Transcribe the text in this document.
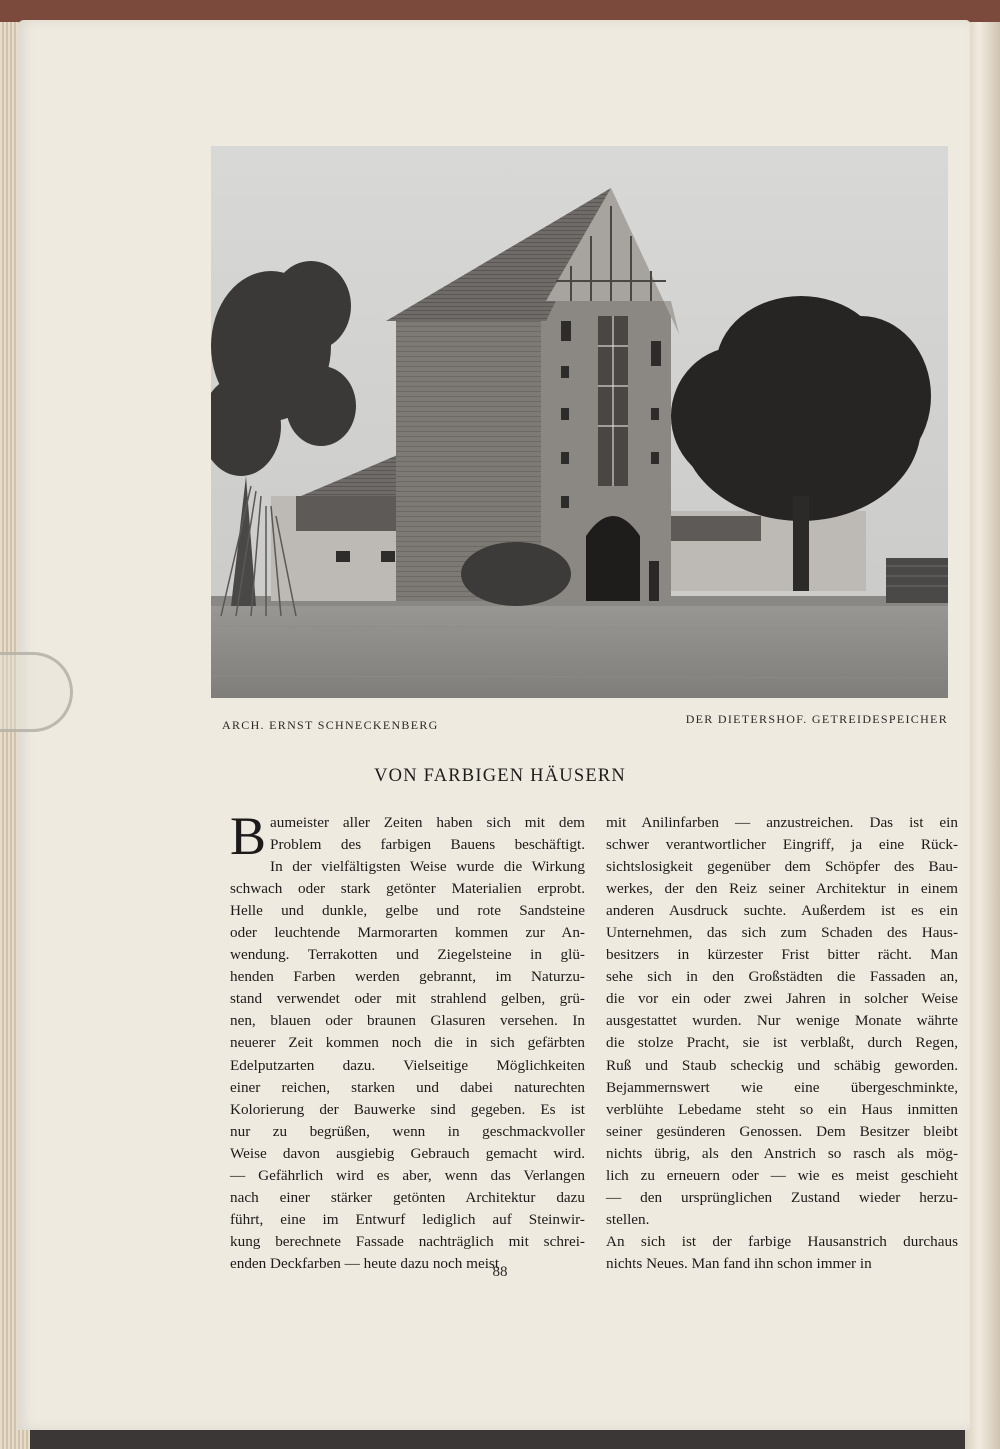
ARCH. ERNST SCHNECKENBERG	DER DIETERSHOF. GETREIDESPEICHER
VON FARBIGEN HÄUSERN
B aumeister aller Zeiten haben sich mit dem
Problem des farbigen Bauens beschäftigt.
In der vielfältigsten Weise wurde die Wirkung
schwach oder stark getönter Materialien erprobt.
Helle und dunkle, gelbe und rote Sandsteine
oder leuchtende Marmorarten kommen zur An-
wendung. Terrakotten und Ziegelsteine in glü-
henden Farben werden gebrannt, im Naturzu-
stand verwendet oder mit strahlend gelben, grü-
nen, blauen oder braunen Glasuren versehen. In
neuerer Zeit kommen noch die in sich gefärbten
Edelputzarten dazu. Vielseitige Möglichkeiten
einer reichen, starken und dabei naturechten
Kolorierung der Bauwerke sind gegeben. Es ist
nur zu begrüßen, wenn in geschmackvoller
Weise davon ausgiebig Gebrauch gemacht wird.
— Gefährlich wird es aber, wenn das Verlangen
nach einer stärker getönten Architektur dazu
führt, eine im Entwurf lediglich auf Steinwir-
kung berechnete Fassade nachträglich mit schrei-
enden Deckfarben — heute dazu noch meist
mit Anilinfarben — anzustreichen. Das ist ein
schwer verantwortlicher Eingriff, ja eine Rück-
sichtslosigkeit gegenüber dem Schöpfer des Bau-
werkes, der den Reiz seiner Architektur in einem
anderen Ausdruck suchte. Außerdem ist es ein
Unternehmen, das sich zum Schaden des Haus-
besitzers in kürzester Frist bitter rächt. Man
sehe sich in den Großstädten die Fassaden an,
die vor ein oder zwei Jahren in solcher Weise
ausgestattet wurden. Nur wenige Monate währte
die stolze Pracht, sie ist verblaßt, durch Regen,
Ruß und Staub scheckig und schäbig geworden.
Bejammernswert wie eine übergeschminkte,
verblühte Lebedame steht so ein Haus inmitten
seiner gesünderen Genossen. Dem Besitzer bleibt
nichts übrig, als den Anstrich so rasch als mög-
lich zu erneuern oder — wie es meist geschieht
— den ursprünglichen Zustand wieder herzu-
stellen.
An sich ist der farbige Hausanstrich durchaus
nichts Neues. Man fand ihn schon immer in
88
